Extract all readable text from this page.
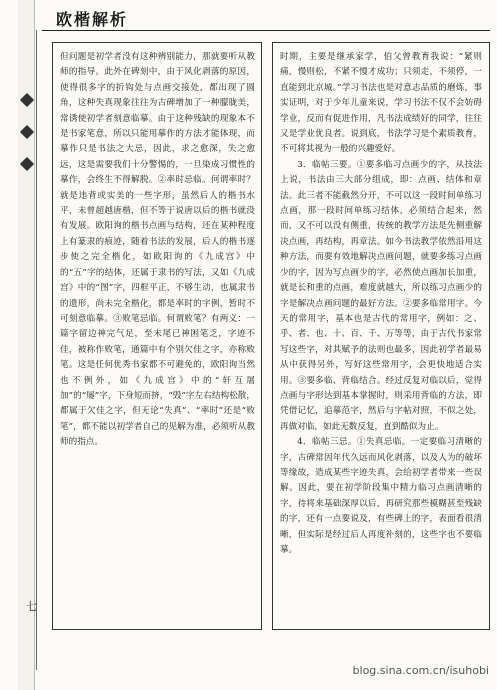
欧楷解析

但问题是初学者没有这种辨别能力，那就要听从教师的指导。此外在碑刻中，由于风化剥落的原因，使得很多字的折钩处与点画交接处，都出现了圆角，这种失真现象往往为古碑增加了一种朦胧美，常诱使初学者刻意临摹。由于这种残缺的现象本不是书家笔意，所以只能用摹作的方法才能体现，而摹作只是书法之大忌，因此，求之愈深，失之愈远，这是需要我们十分警惕的，一旦染成习惯性的摹作，会终生不得解脱。②率时忌临。何谓率时？就是违背或实美的一些字形，虽然后人的楷书水平，未曾超越唐楷，但不等于说唐以后的楷书就没有发展。欧阳询的楷书点画与结构，还在某种程度上有篆隶的痕迹，随着书法的发展，后人的楷书逐步使之完全楷化，如欧阳询的《九成宫》中的“五”字的结体，还属于隶书的写法，又如《九成宫》中的“图”字，四框平正，不够生动，也属隶书的遗形，尚未完全楷化，都是率时的字例，暂时不可刻意临摹。③败笔忌临。何谓败笔？有两义：一篇字留边神完气足，至末尾已神困笔乏，字迹不佳，被称作败笔，通篇中有个别欠佳之字，亦称败笔。这是任何优秀书家都不可避免的，欧阳询当然也不例外，如《九成宫》中的“轩互屠加”的“屡”字，下身短而挤，“毁”字左右结构松散，都属于欠佳之字，但无论“失真”、“率时”还是“败笔”，都不能以初学者自己的见解为准，必须听从教师的指点。

时期，主要是继承家学，伯父曾教育我说：“紧则痛，慢则松，不紧不慢才成功；只须走，不须停，一直能到北京城。”学习书法也是对意志品质的磨炼，事实证明，对于少年儿童来说，学习书法不仅不会妨碍学业，反而有促进作用，凡书法成绩好的同学，往往又是学业优良者。说到底，书法学习是个素质教育，不可将其视为一般的兴趣爱好。

3．临帖三要。①要多临习点画少的字，从技法上说，书法由三大部分组成，即：点画、结体和章法。此三者不能截然分开，不可以这一段时间单练习点画，那一段时间单练习结体，必须结合起来，然而，又不可以没有侧重，传统的教学方法是先侧重解决点画，再结构，再章法。如今书法教学依然沿用这种方法，而要有效地解决点画问题，就要多练习点画少的字，因为写点画少的字，必然使点画加长加重，就是长和重的点画，难度就越大，所以练习点画少的字是解决点画问题的最好方法。②要多临常用字。今天的常用字，基本也是古代的常用字，例如：之、乎、者、也、十、百、千、万等等，由于古代书家常写这些字，对其赋予的法则也最多，因此初学者最易从中获得另外，写好这些常用字，会更快地适合实用。③要多临、背临结合。经过反复对临以后，觉得点画与字形达到基本掌握时，则采用背临的方法，即凭借记忆，追摹范字，然后与字帖对照，不似之处，再做对临，如此无数反复，直到酷似为止。

4．临帖三忌。①失真忌临。一定要临习清晰的字，古碑常因年代久远而风化剥落，以及人为的破坏等缘故，造成某些字迹失真，会给初学者带来一些误解。因此，要在初学阶段集中精力临习点画清晰的字，待将来基础深厚以后，再研究那些模糊甚至残缺的字，还有一点要说及，有些碑上的字，表面看很清晰，但实际是经过后人再度补刻的，这些字也不要临摹。

七
blog.sina.com.cn/isuhobi
